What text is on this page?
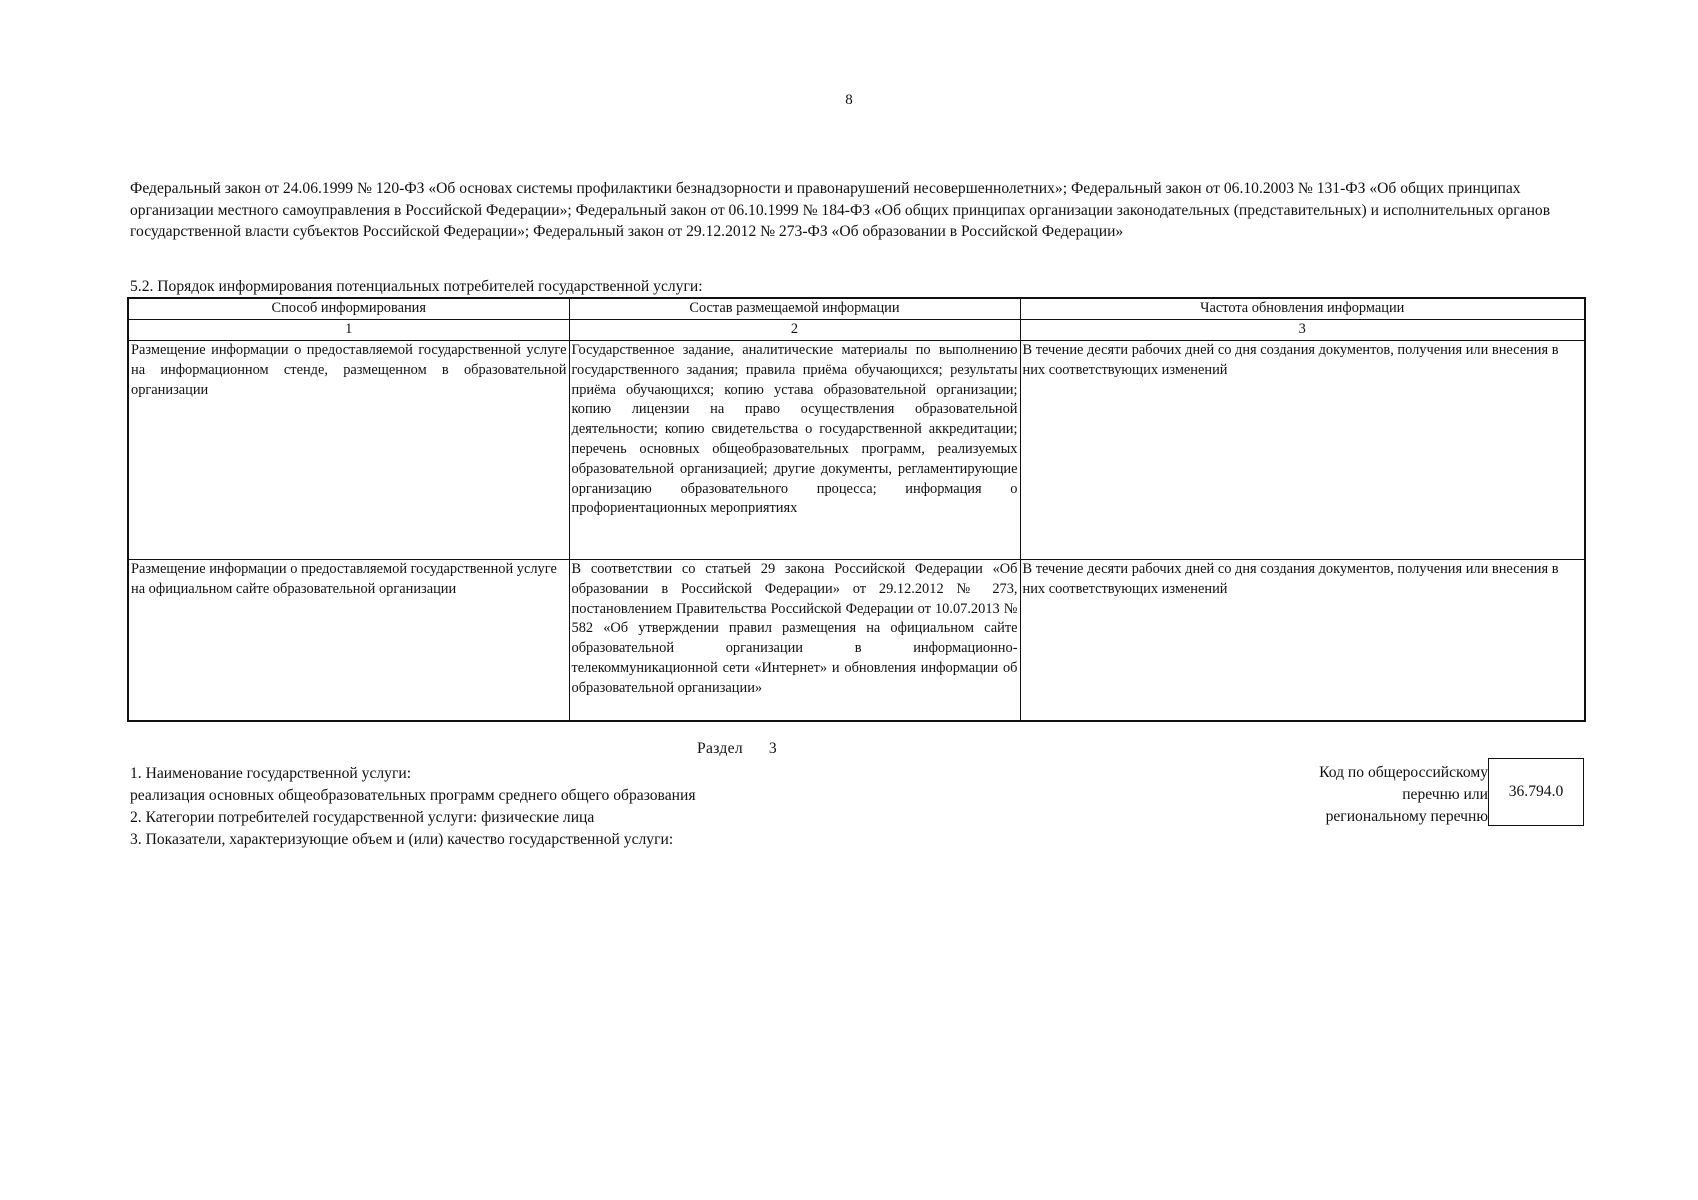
8
Федеральный закон от 24.06.1999 № 120-ФЗ «Об основах системы профилактики безнадзорности и правонарушений несовершеннолетних»; Федеральный закон от 06.10.2003 № 131-ФЗ «Об общих принципах организации местного самоуправления в Российской Федерации»; Федеральный закон от 06.10.1999 № 184-ФЗ «Об общих принципах организации законодательных (представительных) и исполнительных органов государственной власти субъектов Российской Федерации»; Федеральный закон от 29.12.2012 № 273-ФЗ «Об образовании в Российской Федерации»
5.2. Порядок информирования потенциальных потребителей государственной услуги:
Способ информирования	Состав размещаемой информации	Частота обновления информации
1	2	3
Размещение информации о предоставляемой государственной услуге на информационном стенде, размещенном в образовательной организации	Государственное задание, аналитические материалы по выполнению государственного задания; правила приёма обучающихся; результаты приёма обучающихся; копию устава образовательной организации; копию лицензии на право осуществления образовательной деятельности; копию свидетельства о государственной аккредитации; перечень основных общеобразовательных программ, реализуемых образовательной организацией; другие документы, регламентирующие организацию образовательного процесса; информация о профориентационных мероприятиях	В течение десяти рабочих дней со дня создания документов, получения или внесения в них соответствующих изменений
Размещение информации о предоставляемой государственной услуге на официальном сайте образовательной организации	В соответствии со статьей 29 закона Российской Федерации «Об образовании в Российской Федерации» от 29.12.2012 № 273, постановлением Правительства Российской Федерации от 10.07.2013 № 582 «Об утверждении правил размещения на официальном сайте образовательной организации в информационно-телекоммуникационной сети «Интернет» и обновления информации об образовательной организации»	В течение десяти рабочих дней со дня создания документов, получения или внесения в них соответствующих изменений
Раздел 3
1. Наименование государственной услуги:
реализация основных общеобразовательных программ среднего общего образования
2. Категории потребителей государственной услуги: физические лица
3. Показатели, характеризующие объем и (или) качество государственной услуги:
Код по общероссийскому
перечню или
региональному перечню
36.794.0
